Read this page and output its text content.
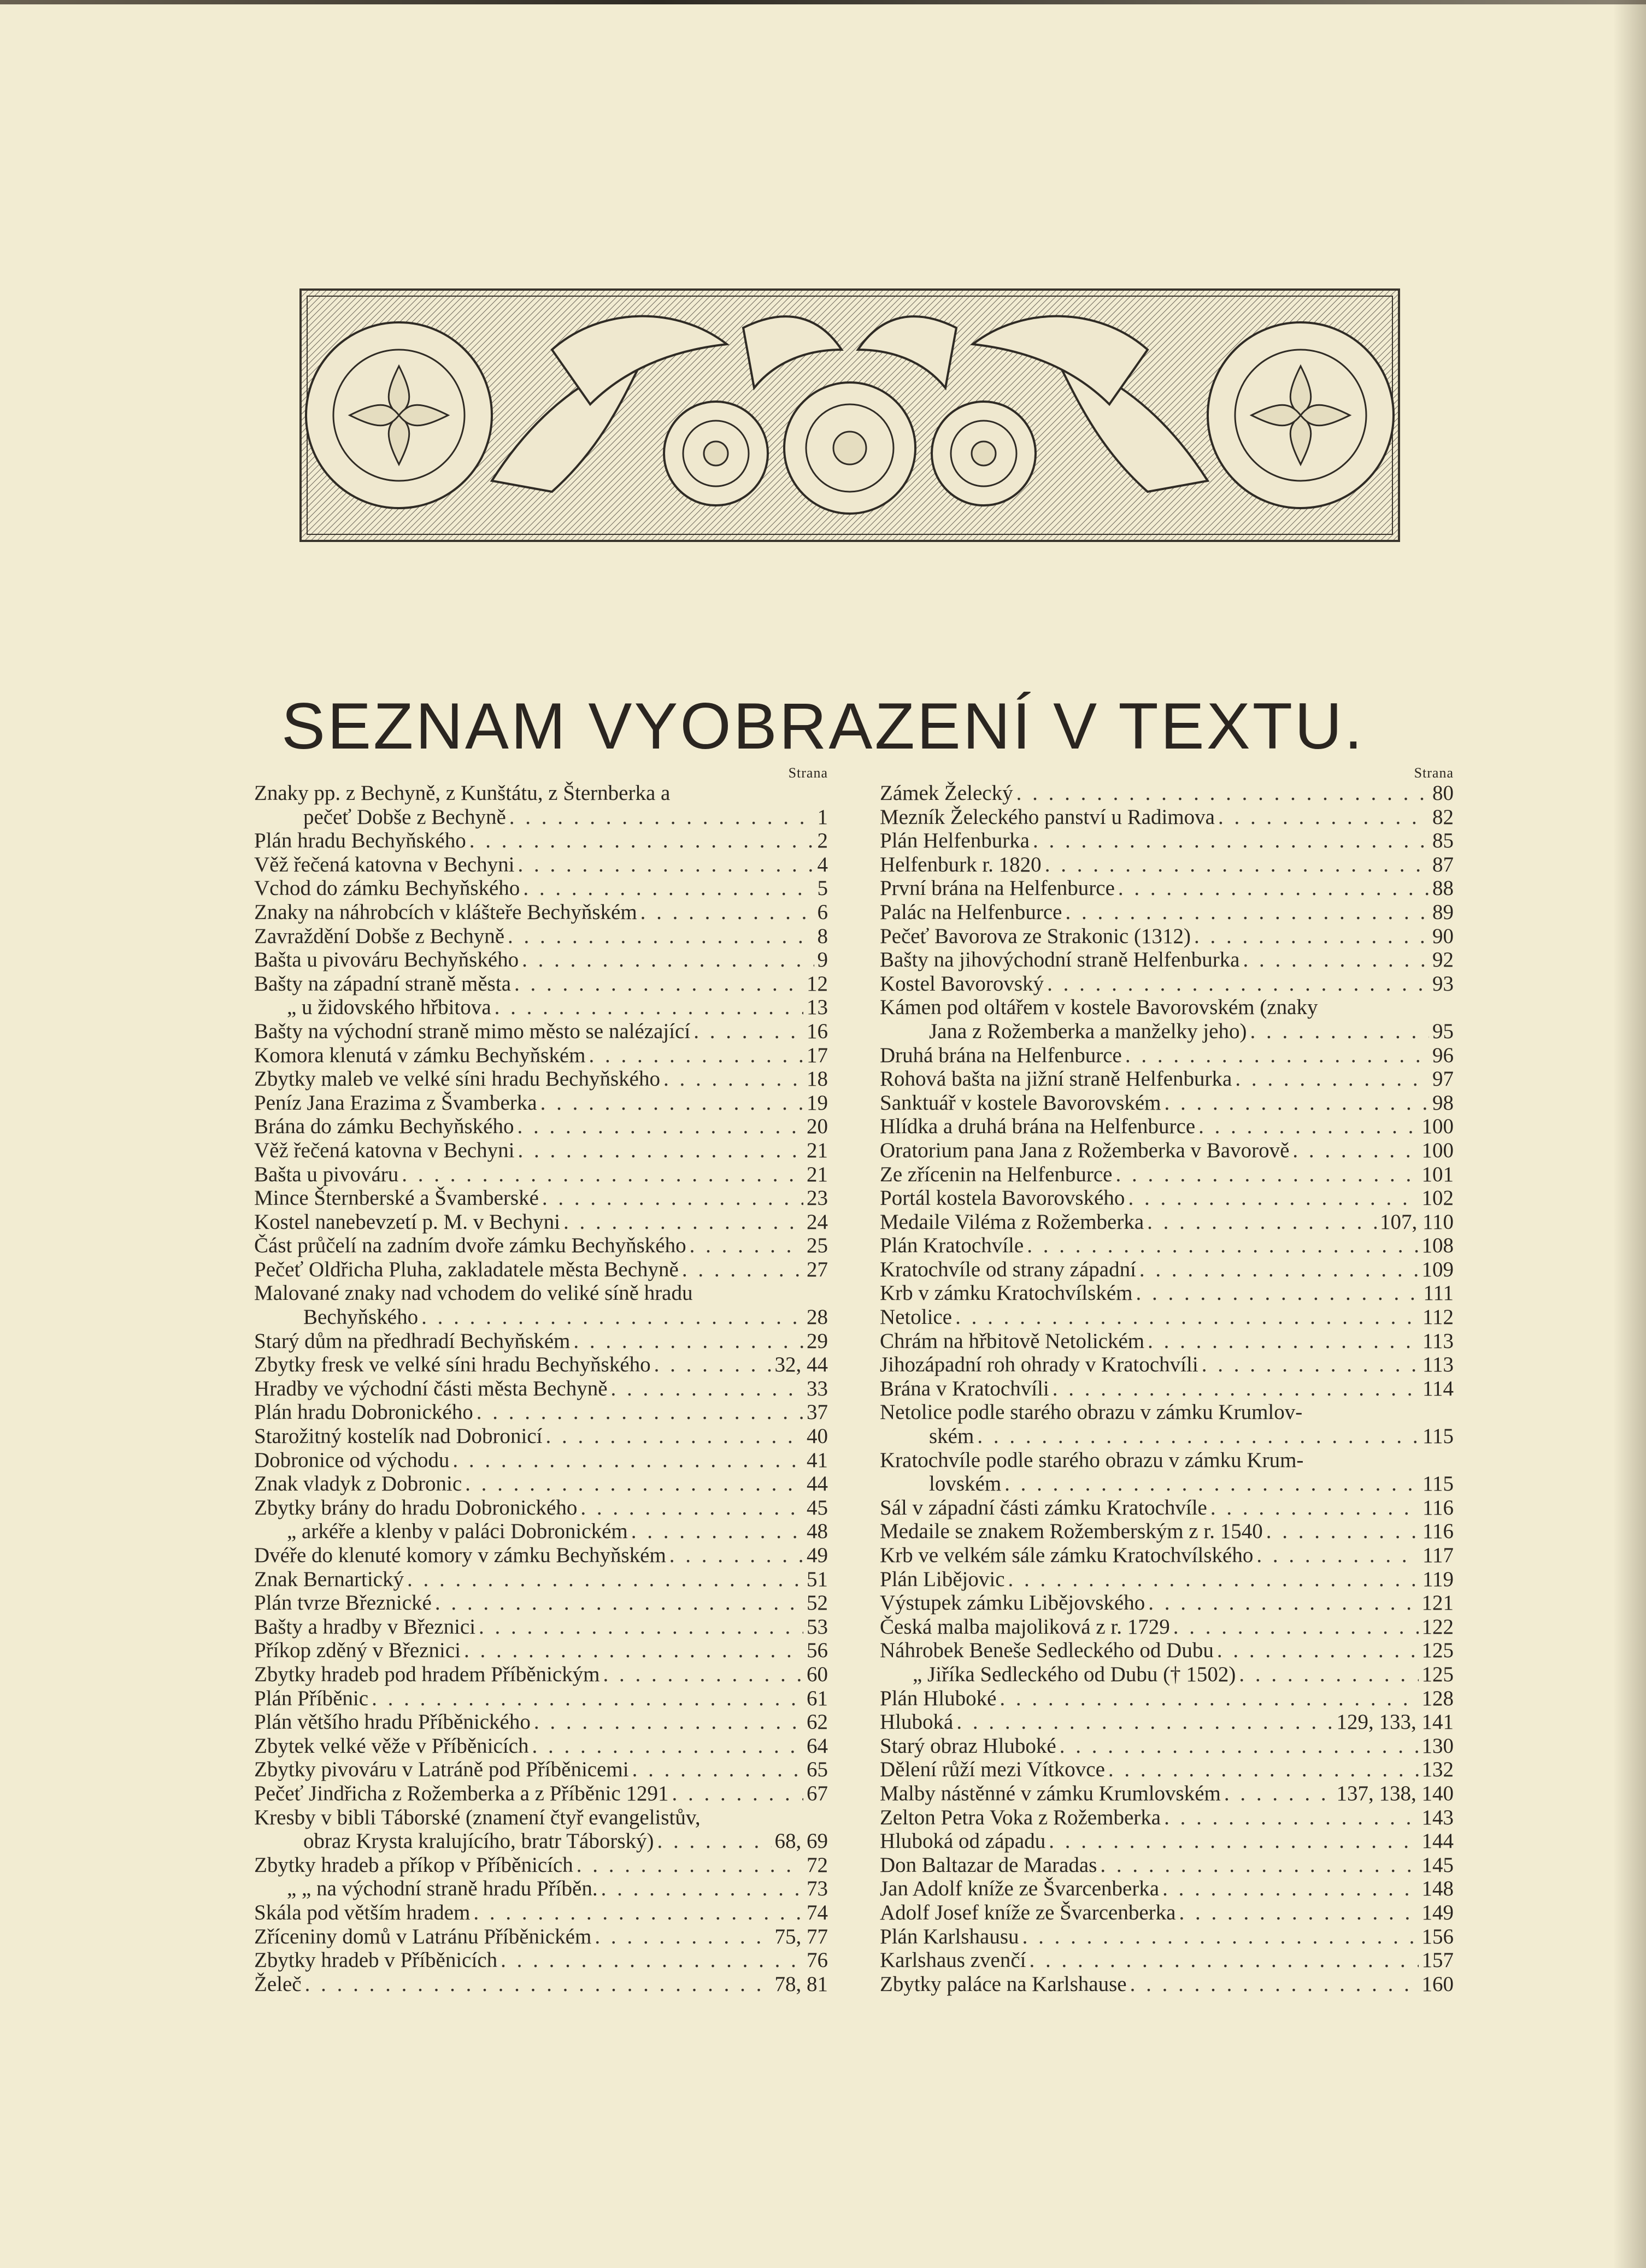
SEZNAM VYOBRAZENÍ V TEXTU.
Strana
Znaky pp. z Bechyně, z Kunštátu, z Šternberka a
pečeť Dobše z Bechyně . . .	1
Plán hradu Bechyňského . . .	2
Věž řečená katovna v Bechyni . . .	4
Vchod do zámku Bechyňského . . .	5
Znaky na náhrobcích v klášteře Bechyňském . . .	6
Zavraždění Dobše z Bechyně . . .	8
Bašta u pivováru Bechyňského . . .	9
Bašty na západní straně města . . .	12
„ u židovského hřbitova . . .	13
Bašty na východní straně mimo město se nalézající . . .	16
Komora klenutá v zámku Bechyňském . . .	17
Zbytky maleb ve velké síni hradu Bechyňského . . .	18
Peníz Jana Erazima z Švamberka . . .	19
Brána do zámku Bechyňského . . .	20
Věž řečená katovna v Bechyni . . .	21
Bašta u pivováru . . .	21
Mince Šternberské a Švamberské . . .	23
Kostel nanebevzetí p. M. v Bechyni . . .	24
Část průčelí na zadním dvoře zámku Bechyňského . . .	25
Pečeť Oldřicha Pluha, zakladatele města Bechyně . . .	27
Malované znaky nad vchodem do veliké síně hradu
Bechyňského . . .	28
Starý dům na předhradí Bechyňském . . .	29
Zbytky fresk ve velké síni hradu Bechyňského . . .	32, 44
Hradby ve východní části města Bechyně . . .	33
Plán hradu Dobronického . . .	37
Starožitný kostelík nad Dobronicí . . .	40
Dobronice od východu . . .	41
Znak vladyk z Dobronic . . .	44
Zbytky brány do hradu Dobronického . . .	45
„ arkéře a klenby v paláci Dobronickém . . .	48
Dvéře do klenuté komory v zámku Bechyňském . . .	49
Znak Bernartický . . .	51
Plán tvrze Březnické . . .	52
Bašty a hradby v Březnici . . .	53
Příkop zděný v Březnici . . .	56
Zbytky hradeb pod hradem Příběnickým . . .	60
Plán Příběnic . . .	61
Plán většího hradu Příběnického . . .	62
Zbytek velké věže v Příběnicích . . .	64
Zbytky pivováru v Latráně pod Příběnicemi . . .	65
Pečeť Jindřicha z Rožemberka a z Příběnic 1291 . . .	67
Kresby v bibli Táborské (znamení čtyř evangelistův,
obraz Krysta kralujícího, bratr Táborský) . . .	68, 69
Zbytky hradeb a příkop v Příběnicích . . .	72
„ „ na východní straně hradu Příběn. . . .	73
Skála pod větším hradem . . .	74
Zříceniny domů v Latránu Příběnickém . . .	75, 77
Zbytky hradeb v Příběnicích . . .	76
Želeč . . .	78, 81
Strana
Zámek Želecký . . .	80
Mezník Želeckého panství u Radimova . . .	82
Plán Helfenburka . . .	85
Helfenburk r. 1820 . . .	87
První brána na Helfenburce . . .	88
Palác na Helfenburce . . .	89
Pečeť Bavorova ze Strakonic (1312) . . .	90
Bašty na jihovýchodní straně Helfenburka . . .	92
Kostel Bavorovský . . .	93
Kámen pod oltářem v kostele Bavorovském (znaky
Jana z Rožemberka a manželky jeho) . . .	95
Druhá brána na Helfenburce . . .	96
Rohová bašta na jižní straně Helfenburka . . .	97
Sanktuář v kostele Bavorovském . . .	98
Hlídka a druhá brána na Helfenburce . . .	100
Oratorium pana Jana z Rožemberka v Bavorově . . .	100
Ze zřícenin na Helfenburce . . .	101
Portál kostela Bavorovského . . .	102
Medaile Viléma z Rožemberka . . .	107, 110
Plán Kratochvíle . . .	108
Kratochvíle od strany západní . . .	109
Krb v zámku Kratochvílském . . .	111
Netolice . . .	112
Chrám na hřbitově Netolickém . . .	113
Jihozápadní roh ohrady v Kratochvíli . . .	113
Brána v Kratochvíli . . .	114
Netolice podle starého obrazu v zámku Krumlov-
ském . . .	115
Kratochvíle podle starého obrazu v zámku Krum-
lovském . . .	115
Sál v západní části zámku Kratochvíle . . .	116
Medaile se znakem Rožemberským z r. 1540 . . .	116
Krb ve velkém sále zámku Kratochvílského . . .	117
Plán Libějovic . . .	119
Výstupek zámku Libějovského . . .	121
Česká malba majoliková z r. 1729 . . .	122
Náhrobek Beneše Sedleckého od Dubu . . .	125
„ Jiříka Sedleckého od Dubu († 1502) . . .	125
Plán Hluboké . . .	128
Hluboká . . .	129, 133, 141
Starý obraz Hluboké . . .	130
Dělení růží mezi Vítkovce . . .	132
Malby nástěnné v zámku Krumlovském . . .	137, 138, 140
Zelton Petra Voka z Rožemberka . . .	143
Hluboká od západu . . .	144
Don Baltazar de Maradas . . .	145
Jan Adolf kníže ze Švarcenberka . . .	148
Adolf Josef kníže ze Švarcenberka . . .	149
Plán Karlshausu . . .	156
Karlshaus zvenčí . . .	157
Zbytky paláce na Karlshause . . .	160
